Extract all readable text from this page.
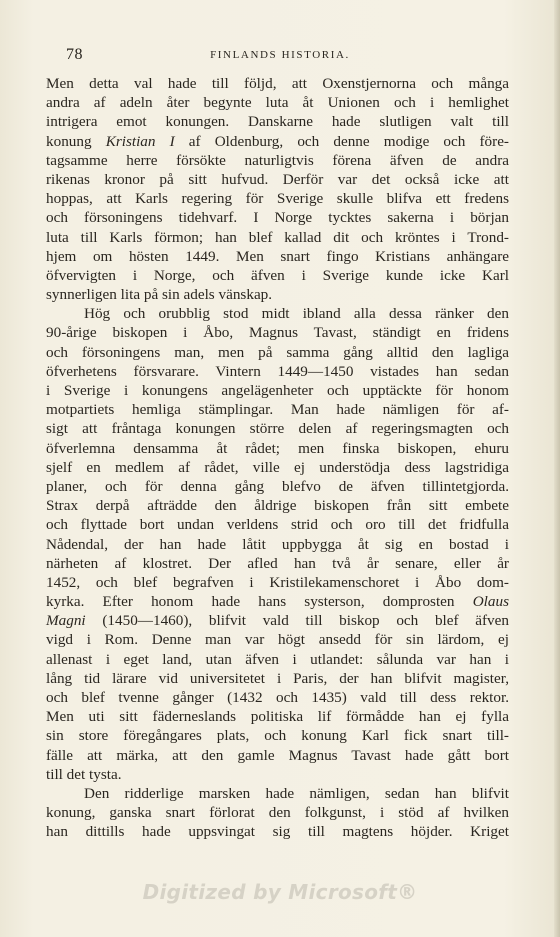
78	FINLANDS HISTORIA.

Men detta val hade till följd, att Oxenstjernorna och många
andra af adeln åter begynte luta åt Unionen och i hemlighet
intrigera emot konungen. Danskarne hade slutligen valt till
konung Kristian I af Oldenburg, och denne modige och före-
tagsamme herre försökte naturligtvis förena äfven de andra
rikenas kronor på sitt hufvud. Derför var det också icke att
hoppas, att Karls regering för Sverige skulle blifva ett fredens
och försoningens tidehvarf. I Norge tycktes sakerna i början
luta till Karls förmon; han blef kallad dit och kröntes i Trond-
hjem om hösten 1449. Men snart fingo Kristians anhängare
öfvervigten i Norge, och äfven i Sverige kunde icke Karl
synnerligen lita på sin adels vänskap.

Hög och orubblig stod midt ibland alla dessa ränker den
90-årige biskopen i Åbo, Magnus Tavast, ständigt en fridens
och försoningens man, men på samma gång alltid den lagliga
öfverhetens försvarare. Vintern 1449—1450 vistades han sedan
i Sverige i konungens angelägenheter och upptäckte för honom
motpartiets hemliga stämplingar. Man hade nämligen för af-
sigt att fråntaga konungen större delen af regeringsmagten och
öfverlemna densamma åt rådet; men finska biskopen, ehuru
sjelf en medlem af rådet, ville ej understödja dess lagstridiga
planer, och för denna gång blefvo de äfven tillintetgjorda.
Strax derpå afträdde den åldrige biskopen från sitt embete
och flyttade bort undan verldens strid och oro till det fridfulla
Nådendal, der han hade låtit uppbygga åt sig en bostad i
närheten af klostret. Der afled han två år senare, eller år
1452, och blef begrafven i Kristilekamenschoret i Åbo dom-
kyrka. Efter honom hade hans systerson, domprosten Olaus
Magni (1450—1460), blifvit vald till biskop och blef äfven
vigd i Rom. Denne man var högt ansedd för sin lärdom, ej
allenast i eget land, utan äfven i utlandet: sålunda var han i
lång tid lärare vid universitetet i Paris, der han blifvit magister,
och blef tvenne gånger (1432 och 1435) vald till dess rektor.
Men uti sitt fäderneslands politiska lif förmådde han ej fylla
sin store föregångares plats, och konung Karl fick snart till-
fälle att märka, att den gamle Magnus Tavast hade gått bort
till det tysta.

Den ridderlige marsken hade nämligen, sedan han blifvit
konung, ganska snart förlorat den folkgunst, i stöd af hvilken
han dittills hade uppsvingat sig till magtens höjder. Kriget

Digitized by Microsoft®
